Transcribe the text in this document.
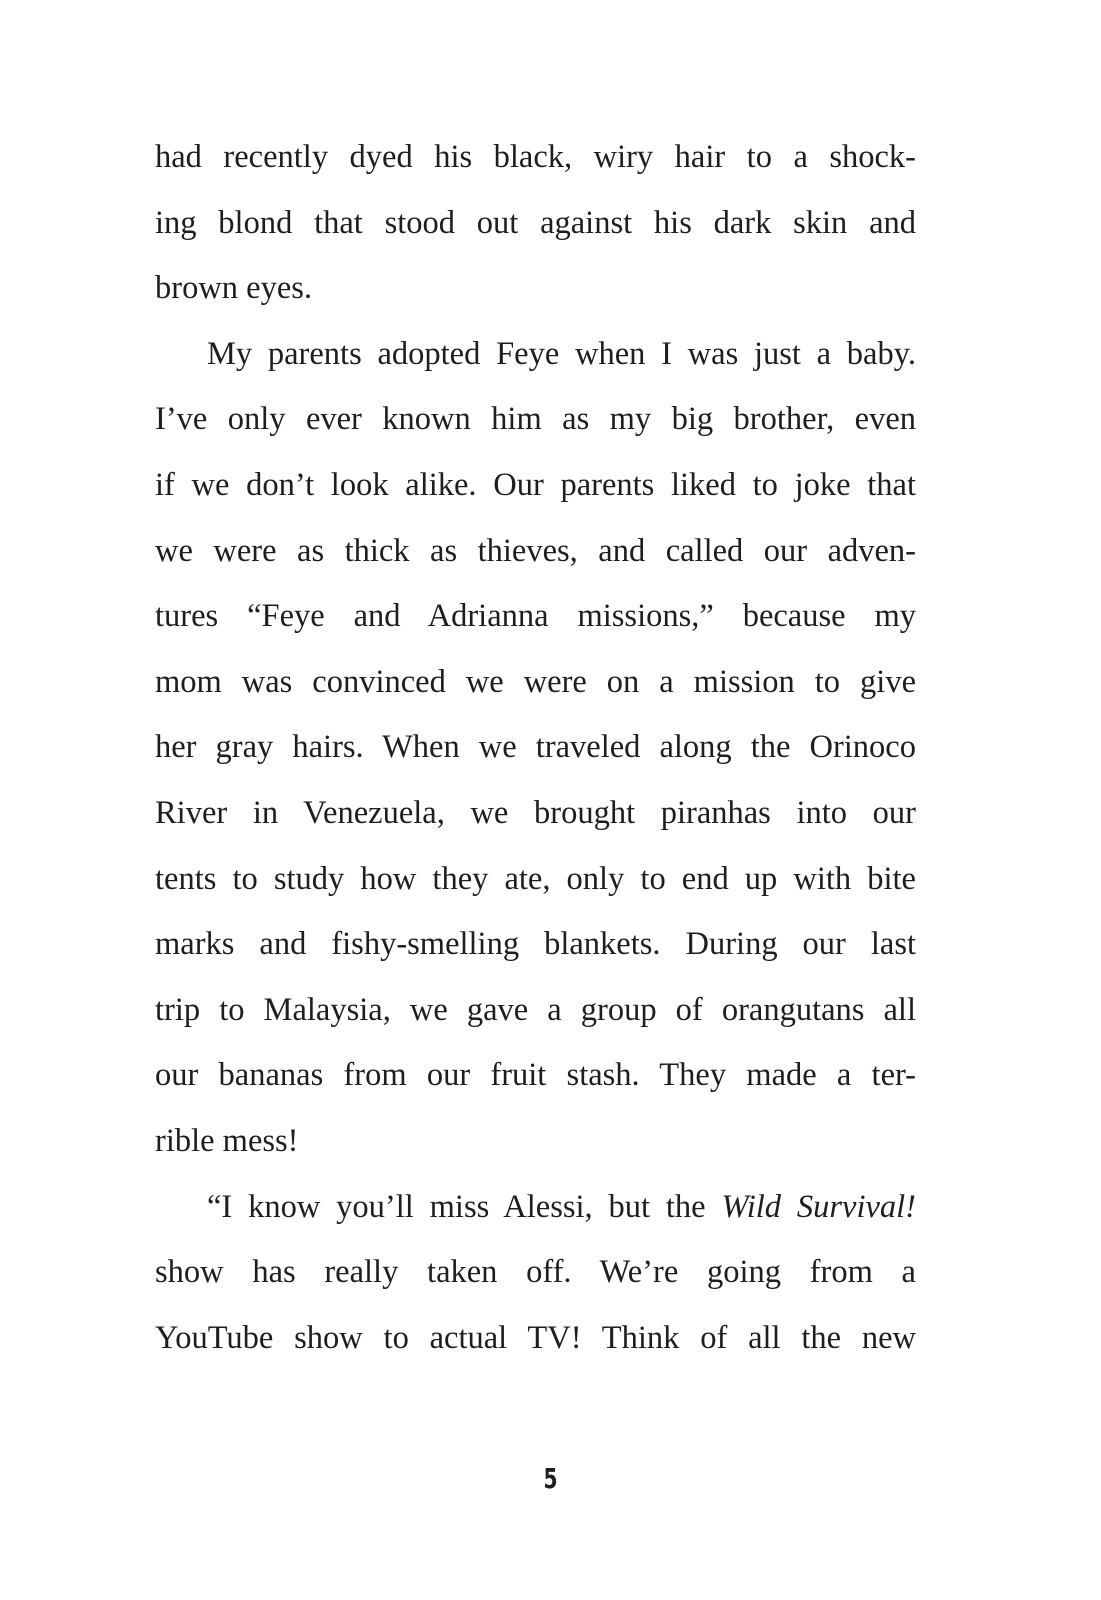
had recently dyed his black, wiry hair to a shock-
ing blond that stood out against his dark skin and
brown eyes.
My parents adopted Feye when I was just a baby.
I’ve only ever known him as my big brother, even
if we don’t look alike. Our parents liked to joke that
we were as thick as thieves, and called our adven-
tures “Feye and Adrianna missions,” because my
mom was convinced we were on a mission to give
her gray hairs. When we traveled along the Orinoco
River in Venezuela, we brought piranhas into our
tents to study how they ate, only to end up with bite
marks and fishy-smelling blankets. During our last
trip to Malaysia, we gave a group of orangutans all
our bananas from our fruit stash. They made a ter-
rible mess!
“I know you’ll miss Alessi, but the Wild Survival!
show has really taken off. We’re going from a
YouTube show to actual TV! Think of all the new
5
